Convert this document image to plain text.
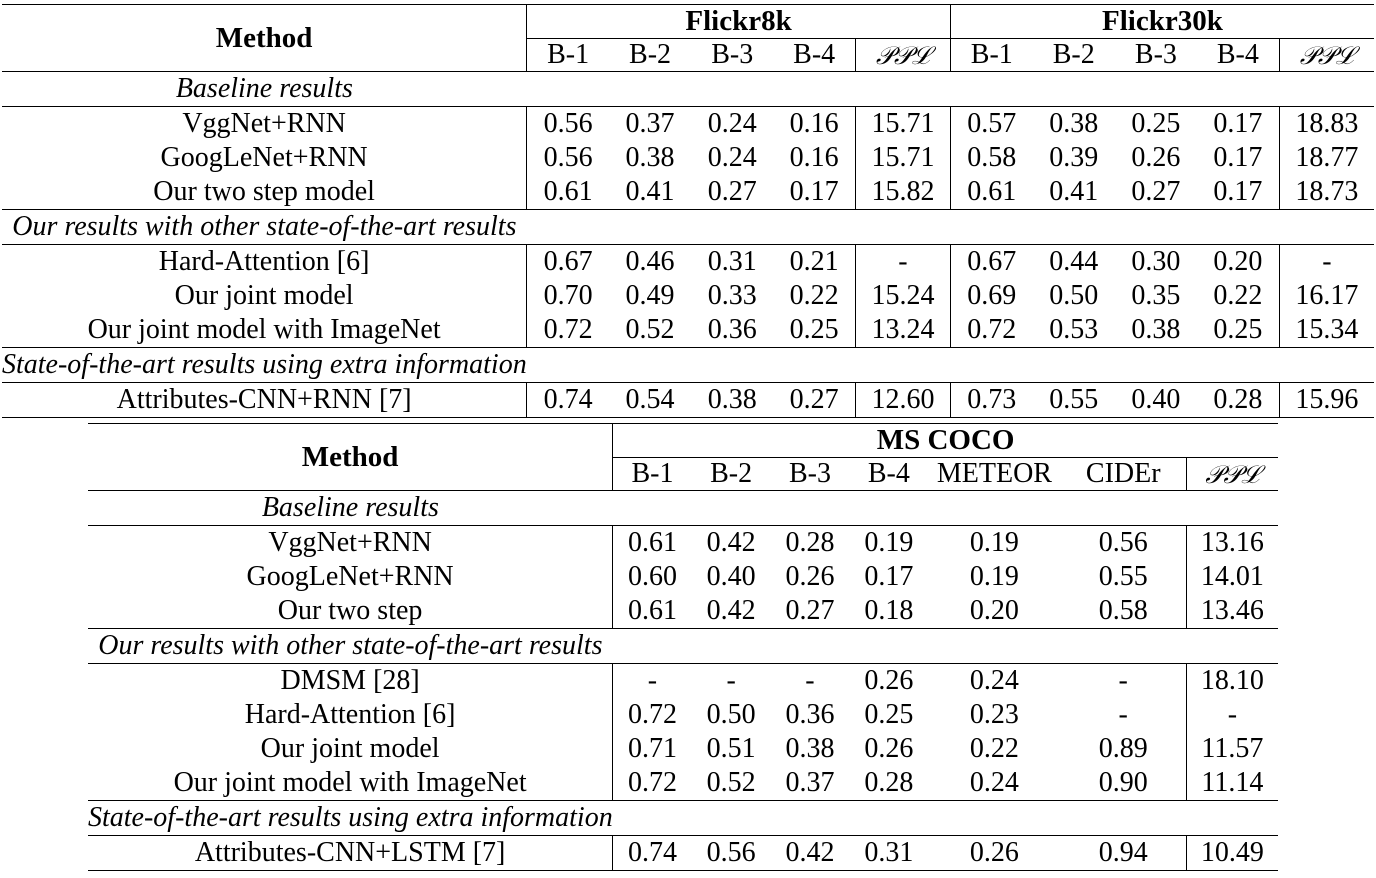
Method	Flickr8k					Flickr30k				
	B-1	B-2	B-3	B-4	𝒫𝒫ℒ	B-1	B-2	B-3	B-4	𝒫𝒫ℒ
Baseline results										
VggNet+RNN	0.56	0.37	0.24	0.16	15.71	0.57	0.38	0.25	0.17	18.83
GoogLeNet+RNN	0.56	0.38	0.24	0.16	15.71	0.58	0.39	0.26	0.17	18.77
Our two step model	0.61	0.41	0.27	0.17	15.82	0.61	0.41	0.27	0.17	18.73
Our results with other state-of-the-art results										
Hard-Attention [6]	0.67	0.46	0.31	0.21	-	0.67	0.44	0.30	0.20	-
Our joint model	0.70	0.49	0.33	0.22	15.24	0.69	0.50	0.35	0.22	16.17
Our joint model with ImageNet	0.72	0.52	0.36	0.25	13.24	0.72	0.53	0.38	0.25	15.34
State-of-the-art results using extra information										
Attributes-CNN+RNN [7]	0.74	0.54	0.38	0.27	12.60	0.73	0.55	0.40	0.28	15.96
Method	MS COCO						
	B-1	B-2	B-3	B-4	METEOR	CIDEr	𝒫𝒫ℒ
Baseline results							
VggNet+RNN	0.61	0.42	0.28	0.19	0.19	0.56	13.16
GoogLeNet+RNN	0.60	0.40	0.26	0.17	0.19	0.55	14.01
Our two step	0.61	0.42	0.27	0.18	0.20	0.58	13.46
Our results with other state-of-the-art results							
DMSM [28]	-	-	-	0.26	0.24	-	18.10
Hard-Attention [6]	0.72	0.50	0.36	0.25	0.23	-	-
Our joint model	0.71	0.51	0.38	0.26	0.22	0.89	11.57
Our joint model with ImageNet	0.72	0.52	0.37	0.28	0.24	0.90	11.14
State-of-the-art results using extra information							
Attributes-CNN+LSTM [7]	0.74	0.56	0.42	0.31	0.26	0.94	10.49
